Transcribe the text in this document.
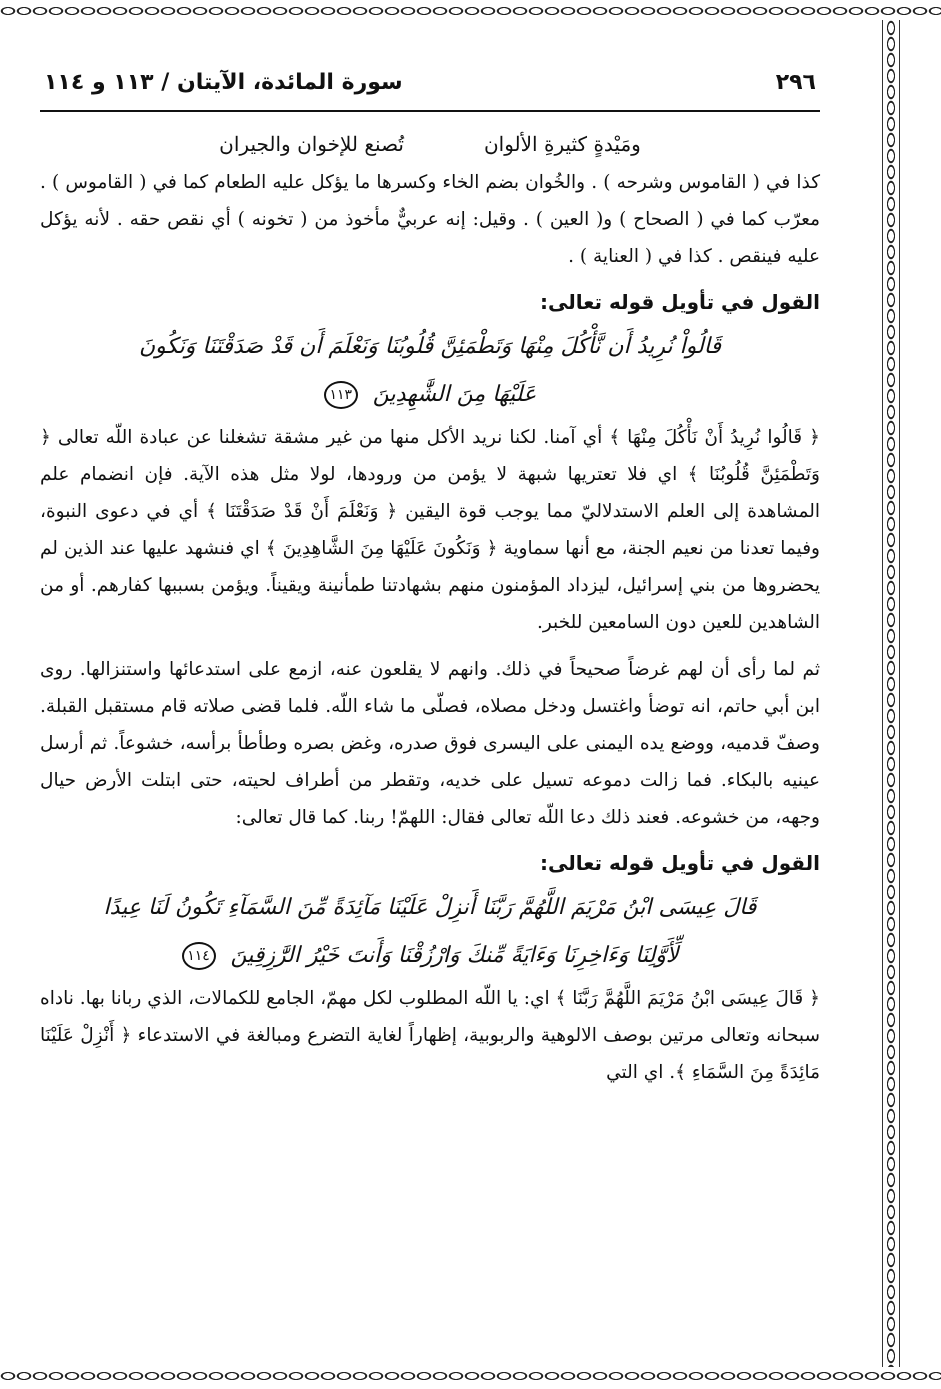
٢٩٦
سورة المائدة، الآيتان / ١١٣ و ١١٤
ومَيْدةٍ كثيرةِ الألوان
تُصنع للإخوان والجيران

كذا في ( القاموس وشرحه ) . والخُوان بضم الخاء وكسرها ما يؤكل عليه الطعام كما في ( القاموس ) . معرّب كما في ( الصحاح ) و( العين ) . وقيل: إنه عربيٌّ مأخوذ من ( تخونه ) أي نقص حقه . لأنه يؤكل عليه فينقص . كذا في ( العناية ) .

القول في تأويل قوله تعالى:
قَالُواْ نُرِيدُ أَن نَّأْكُلَ مِنْهَا وَتَطْمَئِنَّ قُلُوبُنَا وَنَعْلَمَ أَن قَدْ صَدَقْتَنَا وَنَكُونَ
عَلَيْهَا مِنَ الشَّٰهِدِينَ ١١٣

﴿ قَالُوا نُرِيدُ أَنْ نَأْكُلَ مِنْهَا ﴾ أي آمنا. لكنا نريد الأكل منها من غير مشقة تشغلنا عن عبادة اللّه تعالى ﴿ وَتَطْمَئِنَّ قُلُوبُنَا ﴾ اي فلا تعتريها شبهة لا يؤمن من ورودها، لولا مثل هذه الآية. فإن انضمام علم المشاهدة إلى العلم الاستدلاليّ مما يوجب قوة اليقين ﴿ وَنَعْلَمَ أَنْ قَدْ صَدَقْتَنَا ﴾ أي في دعوى النبوة، وفيما تعدنا من نعيم الجنة، مع أنها سماوية ﴿ وَنَكُونَ عَلَيْهَا مِنَ الشَّاهِدِينَ ﴾ اي فنشهد عليها عند الذين لم يحضروها من بني إسرائيل، ليزداد المؤمنون منهم بشهادتنا طمأنينة ويقيناً. ويؤمن بسببها كفارهم. أو من الشاهدين للعين دون السامعين للخبر.

ثم لما رأى أن لهم غرضاً صحيحاً في ذلك. وانهم لا يقلعون عنه، ازمع على استدعائها واستنزالها. روى ابن أبي حاتم، انه توضأ واغتسل ودخل مصلاه، فصلّى ما شاء اللّه. فلما قضى صلاته قام مستقبل القبلة. وصفّ قدميه، ووضع يده اليمنى على اليسرى فوق صدره، وغض بصره وطأطأ برأسه، خشوعاً. ثم أرسل عينيه بالبكاء. فما زالت دموعه تسيل على خديه، وتقطر من أطراف لحيته، حتى ابتلت الأرض حيال وجهه، من خشوعه. فعند ذلك دعا اللّه تعالى فقال: اللهمّ! ربنا. كما قال تعالى:

القول في تأويل قوله تعالى:
قَالَ عِيسَى ابْنُ مَرْيَمَ اللَّهُمَّ رَبَّنَا أَنزِلْ عَلَيْنَا مَآئِدَةً مِّنَ السَّمَآءِ تَكُونُ لَنَا عِيدًا
لِّأَوَّلِنَا وَءَاخِرِنَا وَءَايَةً مِّنكَ وَارْزُقْنَا وَأَنتَ خَيْرُ الرَّٰزِقِينَ ١١٤

﴿ قَالَ عِيسَى ابْنُ مَرْيَمَ اللَّهُمَّ رَبَّنَا ﴾ اي: يا اللّه المطلوب لكل مهمّ، الجامع للكمالات، الذي ربانا بها. ناداه سبحانه وتعالى مرتين بوصف الالوهية والربوبية، إظهاراً لغاية التضرع ومبالغة في الاستدعاء ﴿ أَنْزِلْ عَلَيْنَا مَائِدَةً مِنَ السَّمَاءِ ﴾. اي التي
